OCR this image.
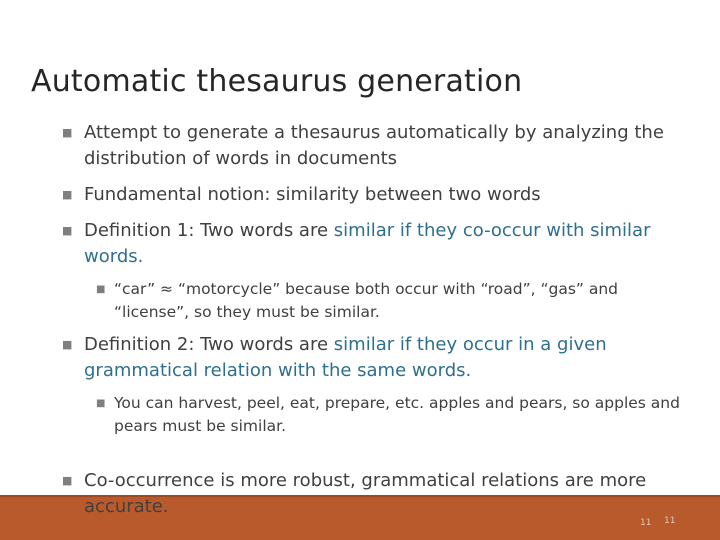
Automatic thesaurus generation
■ Attempt to generate a thesaurus automatically by analyzing the distribution of words in documents
■ Fundamental notion: similarity between two words
■ Definition 1: Two words are similar if they co-occur with similar words.
■ “car” ≈ “motorcycle” because both occur with “road”, “gas” and “license”, so they must be similar.
■ Definition 2: Two words are similar if they occur in a given grammatical relation with the same words.
■ You can harvest, peel, eat, prepare, etc. apples and pears, so apples and pears must be similar.
■ Co-occurrence is more robust, grammatical relations are more accurate.
11 11
